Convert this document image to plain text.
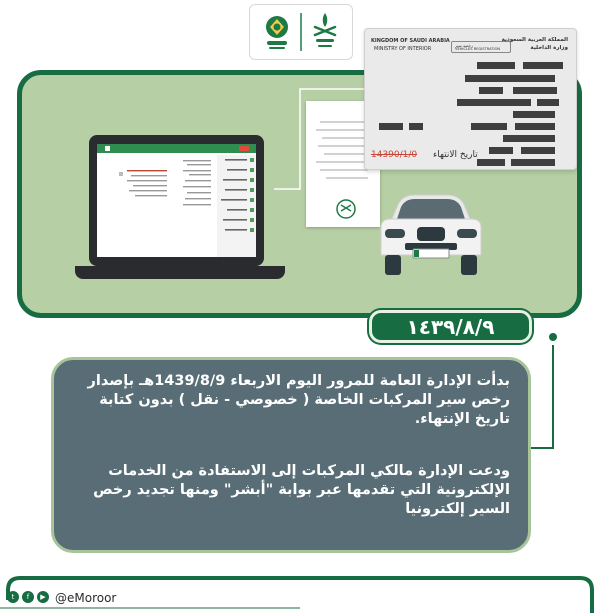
KINGDOM OF SAUDI ARABIA
MINISTRY OF INTERIOR
رخصة سير
VEHICLES REGISTRATION
المملكة العربية السعودية
وزارة الداخلية
تاريخ الانتهاء
14390/1/0
١٤٣٩/٨/٩
بدأت الإدارة العامة للمرور اليوم الاربعاء 1439/8/9هـ بإصدار رخص سير المركبات الخاصة ( خصوصي - نقل ) بدون كتابة تاريخ الإنتهاء.
ودعت الإدارة مالكي المركبات إلى الاستفادة من الخدمات الإلكترونية التي تقدمها عبر بوابة "أبشر" ومنها تجديد رخص السير إلكترونيا
t	f	▶ @eMoroor
